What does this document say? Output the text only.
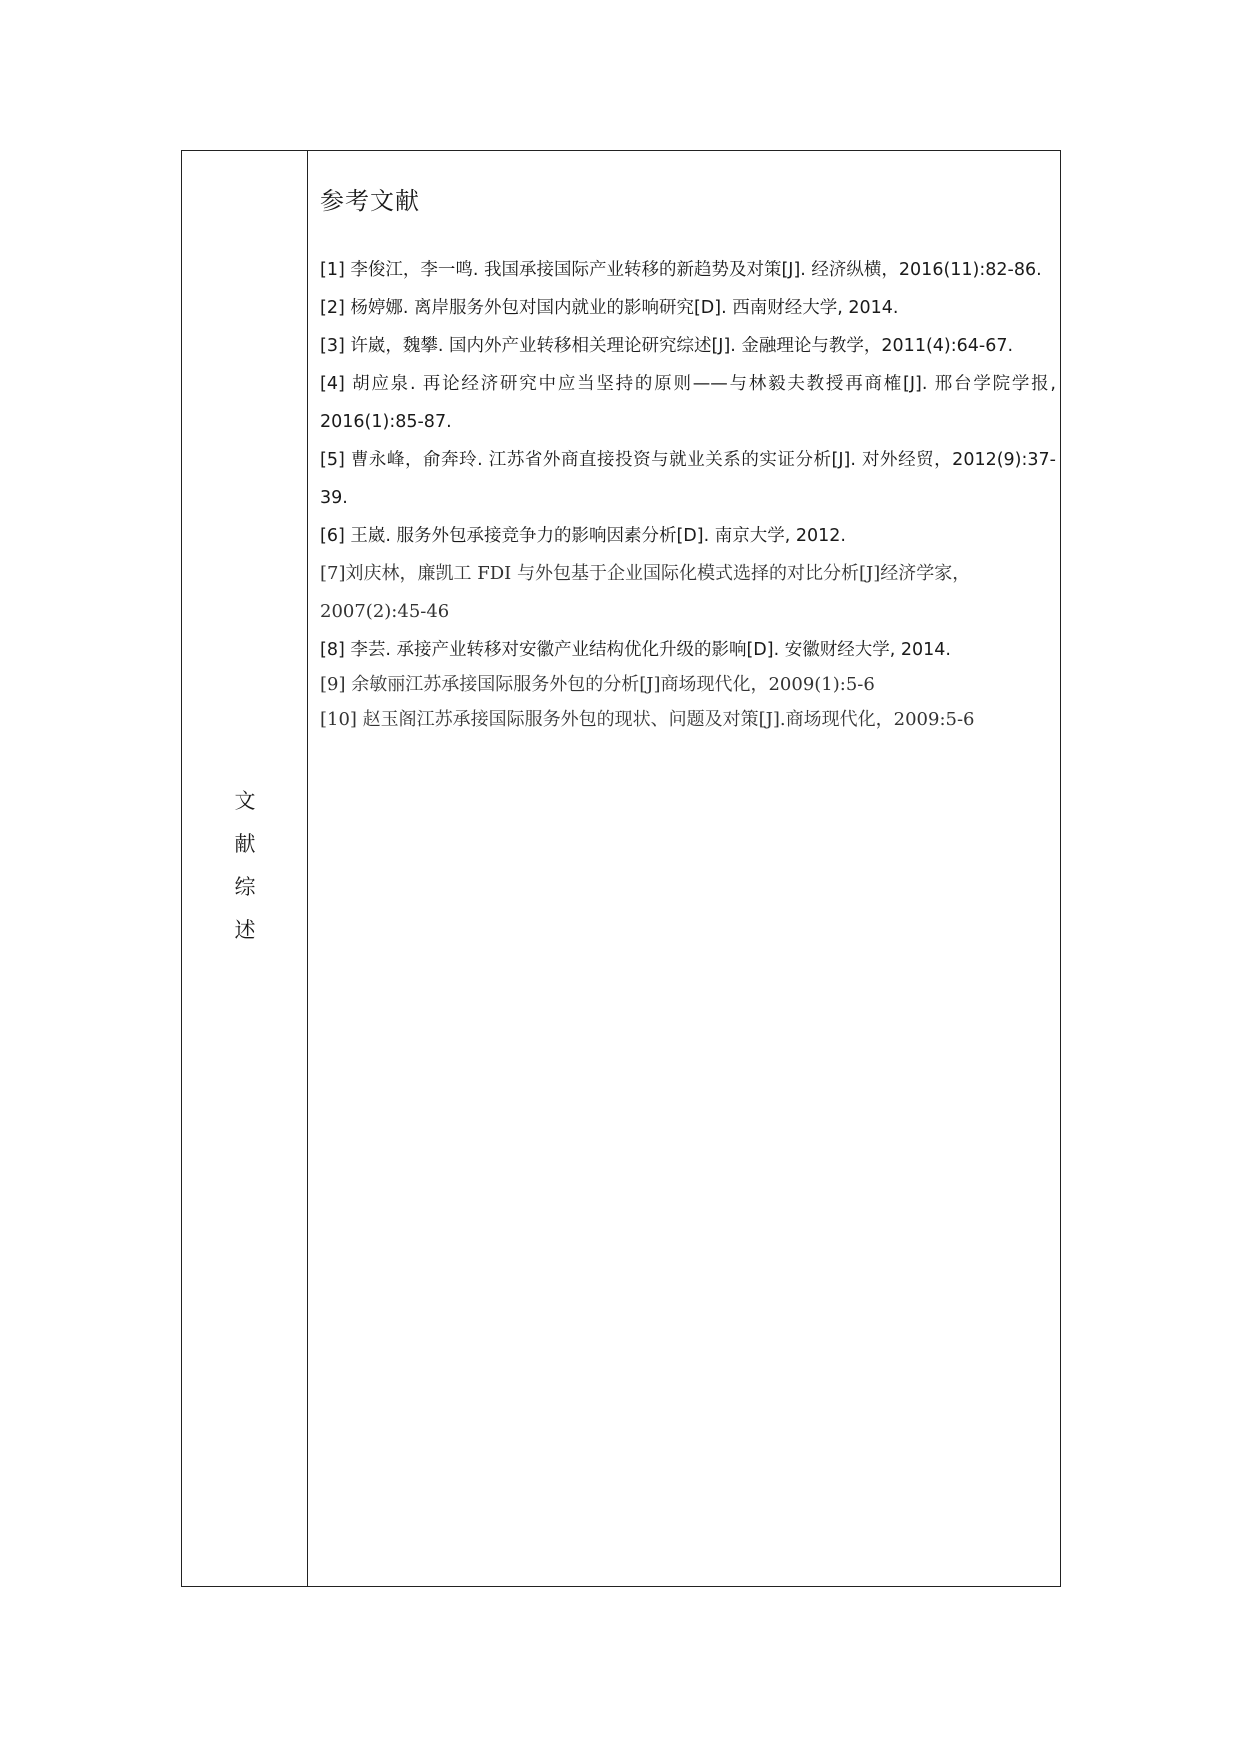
文
献
综
述
参考文献
[1] 李俊江，李一鸣. 我国承接国际产业转移的新趋势及对策[J]. 经济纵横，2016(11):82-86.
[2] 杨婷娜. 离岸服务外包对国内就业的影响研究[D]. 西南财经大学, 2014.
[3] 许崴，魏攀. 国内外产业转移相关理论研究综述[J]. 金融理论与教学，2011(4):64-67.
[4] 胡应泉. 再论经济研究中应当坚持的原则——与林毅夫教授再商榷[J]. 邢台学院学报, 2016(1):85-87.
[5] 曹永峰，俞奔玲. 江苏省外商直接投资与就业关系的实证分析[J]. 对外经贸，2012(9):37-39.
[6] 王崴. 服务外包承接竞争力的影响因素分析[D]. 南京大学, 2012.
[7]刘庆林，廉凯工 FDI 与外包基于企业国际化模式选择的对比分析[J]经济学家，2007(2):45-46
[8] 李芸. 承接产业转移对安徽产业结构优化升级的影响[D]. 安徽财经大学, 2014.
[9] 余敏丽江苏承接国际服务外包的分析[J]商场现代化，2009(1):5-6
[10] 赵玉阁江苏承接国际服务外包的现状、问题及对策[J].商场现代化，2009:5-6
